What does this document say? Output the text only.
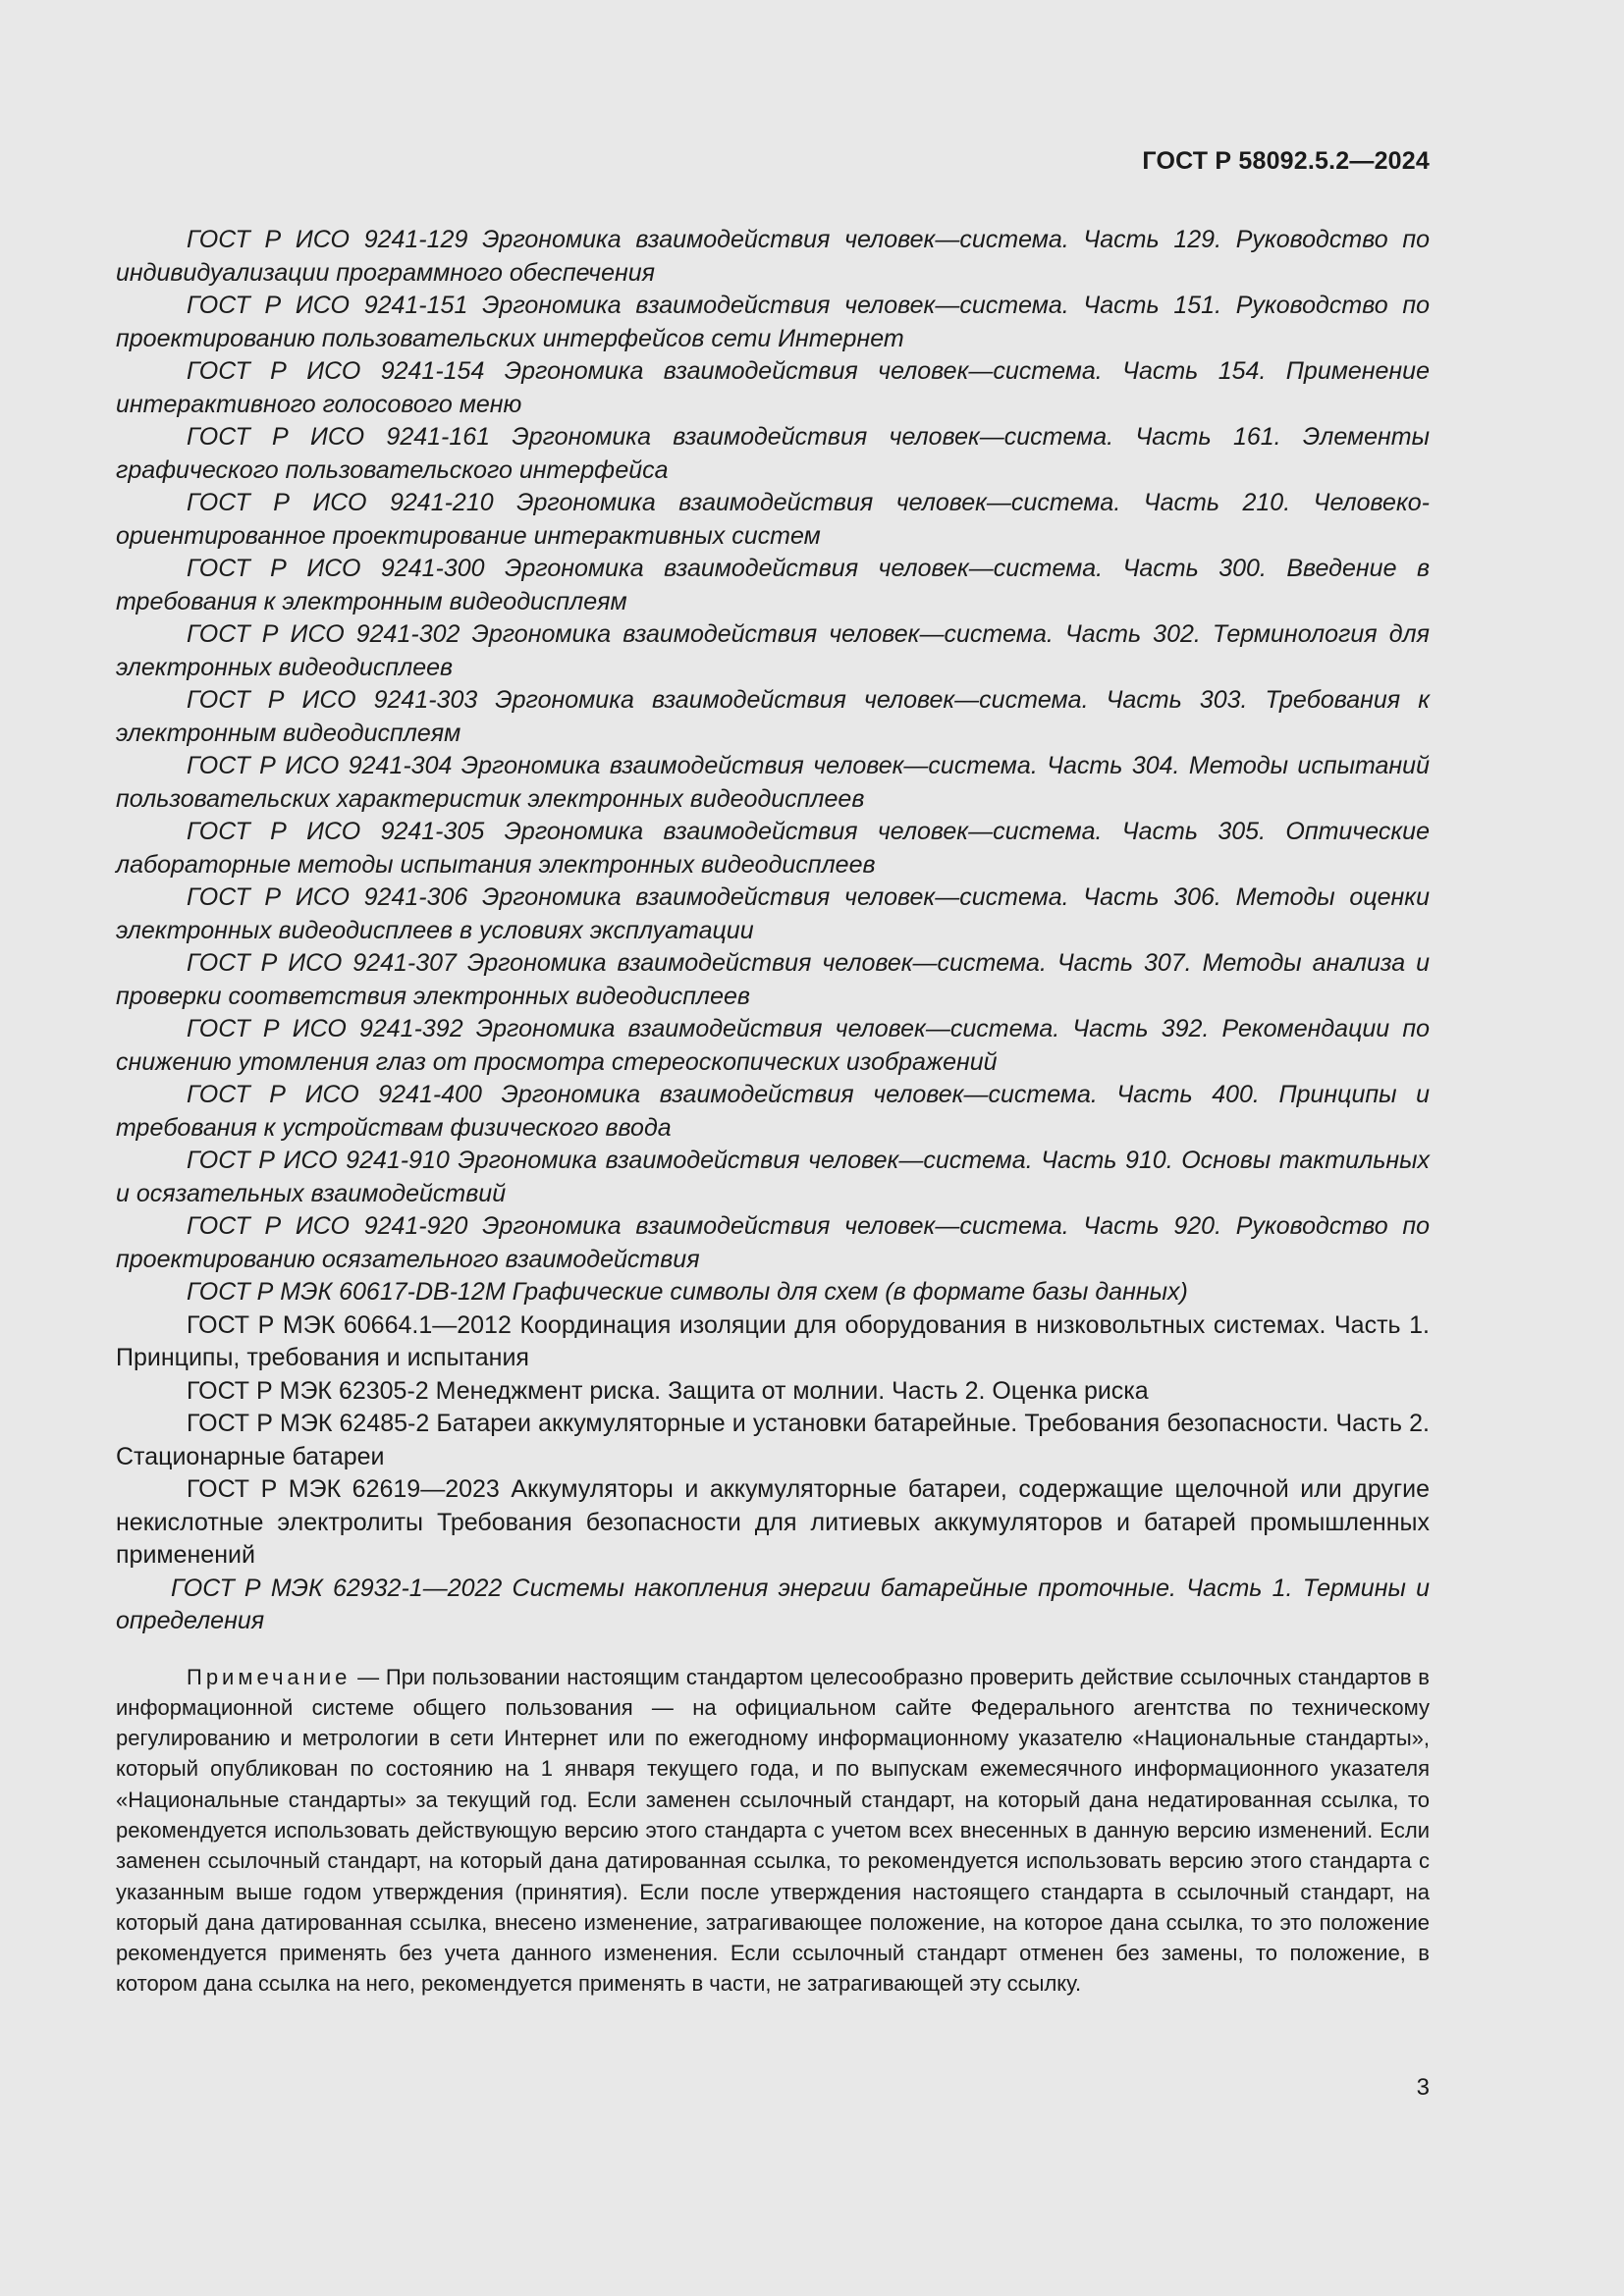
ГОСТ Р 58092.5.2—2024
ГОСТ Р ИСО 9241-129 Эргономика взаимодействия человек—система. Часть 129. Руководство по индивидуализации программного обеспечения
ГОСТ Р ИСО 9241-151 Эргономика взаимодействия человек—система. Часть 151. Руководство по проектированию пользовательских интерфейсов сети Интернет
ГОСТ Р ИСО 9241-154 Эргономика взаимодействия человек—система. Часть 154. Применение интерактивного голосового меню
ГОСТ Р ИСО 9241-161 Эргономика взаимодействия человек—система. Часть 161. Элементы графического пользовательского интерфейса
ГОСТ Р ИСО 9241-210 Эргономика взаимодействия человек—система. Часть 210. Человеко-ориентированное проектирование интерактивных систем
ГОСТ Р ИСО 9241-300 Эргономика взаимодействия человек—система. Часть 300. Введение в требования к электронным видеодисплеям
ГОСТ Р ИСО 9241-302 Эргономика взаимодействия человек—система. Часть 302. Терминология для электронных видеодисплеев
ГОСТ Р ИСО 9241-303 Эргономика взаимодействия человек—система. Часть 303. Требования к электронным видеодисплеям
ГОСТ Р ИСО 9241-304 Эргономика взаимодействия человек—система. Часть 304. Методы испытаний пользовательских характеристик электронных видеодисплеев
ГОСТ Р ИСО 9241-305 Эргономика взаимодействия человек—система. Часть 305. Оптические лабораторные методы испытания электронных видеодисплеев
ГОСТ Р ИСО 9241-306 Эргономика взаимодействия человек—система. Часть 306. Методы оценки электронных видеодисплеев в условиях эксплуатации
ГОСТ Р ИСО 9241-307 Эргономика взаимодействия человек—система. Часть 307. Методы анализа и проверки соответствия электронных видеодисплеев
ГОСТ Р ИСО 9241-392 Эргономика взаимодействия человек—система. Часть 392. Рекомендации по снижению утомления глаз от просмотра стереоскопических изображений
ГОСТ Р ИСО 9241-400 Эргономика взаимодействия человек—система. Часть 400. Принципы и требования к устройствам физического ввода
ГОСТ Р ИСО 9241-910 Эргономика взаимодействия человек—система. Часть 910. Основы тактильных и осязательных взаимодействий
ГОСТ Р ИСО 9241-920 Эргономика взаимодействия человек—система. Часть 920. Руководство по проектированию осязательного взаимодействия
ГОСТ Р МЭК 60617-DB-12M Графические символы для схем (в формате базы данных)
ГОСТ Р МЭК 60664.1—2012 Координация изоляции для оборудования в низковольтных системах. Часть 1. Принципы, требования и испытания
ГОСТ Р МЭК 62305-2 Менеджмент риска. Защита от молнии. Часть 2. Оценка риска
ГОСТ Р МЭК 62485-2 Батареи аккумуляторные и установки батарейные. Требования безопасности. Часть 2. Стационарные батареи
ГОСТ Р МЭК 62619—2023 Аккумуляторы и аккумуляторные батареи, содержащие щелочной или другие некислотные электролиты Требования безопасности для литиевых аккумуляторов и батарей промышленных применений
ГОСТ Р МЭК 62932-1—2022 Системы накопления энергии батарейные проточные. Часть 1. Термины и определения

Примечание — При пользовании настоящим стандартом целесообразно проверить действие ссылочных стандартов в информационной системе общего пользования — на официальном сайте Федерального агентства по техническому регулированию и метрологии в сети Интернет или по ежегодному информационному указателю «Национальные стандарты», который опубликован по состоянию на 1 января текущего года, и по выпускам ежемесячного информационного указателя «Национальные стандарты» за текущий год. Если заменен ссылочный стандарт, на который дана недатированная ссылка, то рекомендуется использовать действующую версию этого стандарта с учетом всех внесенных в данную версию изменений. Если заменен ссылочный стандарт, на который дана датированная ссылка, то рекомендуется использовать версию этого стандарта с указанным выше годом утверждения (принятия). Если после утверждения настоящего стандарта в ссылочный стандарт, на который дана датированная ссылка, внесено изменение, затрагивающее положение, на которое дана ссылка, то это положение рекомендуется применять без учета данного изменения. Если ссылочный стандарт отменен без замены, то положение, в котором дана ссылка на него, рекомендуется применять в части, не затрагивающей эту ссылку.

3
